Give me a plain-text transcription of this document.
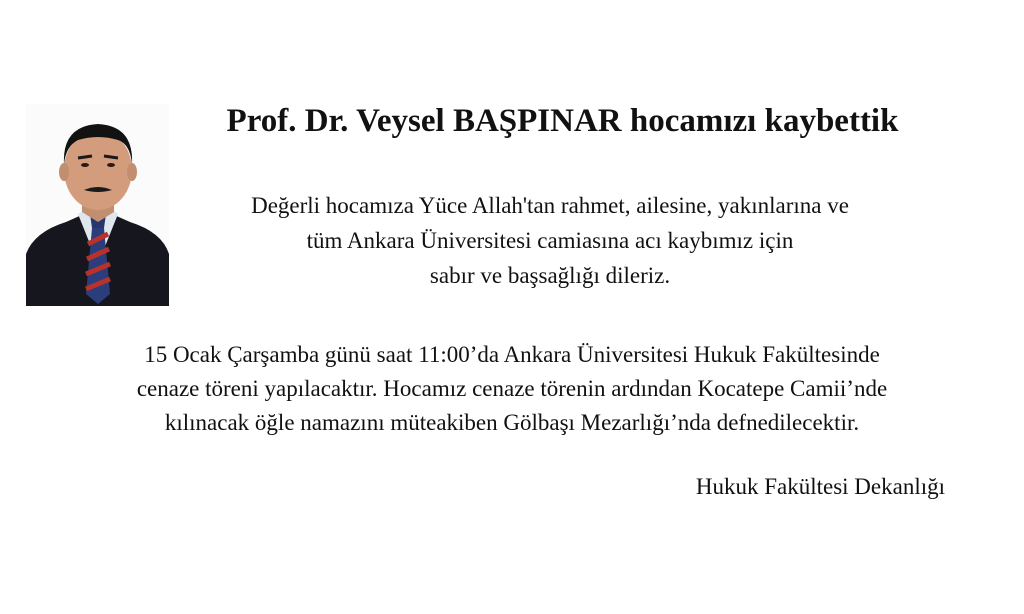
Prof. Dr. Veysel BAŞPINAR hocamızı kaybettik
Değerli hocamıza Yüce Allah'tan rahmet, ailesine, yakınlarına ve
tüm Ankara Üniversitesi camiasına acı kaybımız için
sabır ve başsağlığı dileriz.
15 Ocak Çarşamba günü saat 11:00’da Ankara Üniversitesi Hukuk Fakültesinde
cenaze töreni yapılacaktır. Hocamız cenaze törenin ardından Kocatepe Camii’nde
kılınacak öğle namazını müteakiben Gölbaşı Mezarlığı’nda defnedilecektir.
Hukuk Fakültesi Dekanlığı
